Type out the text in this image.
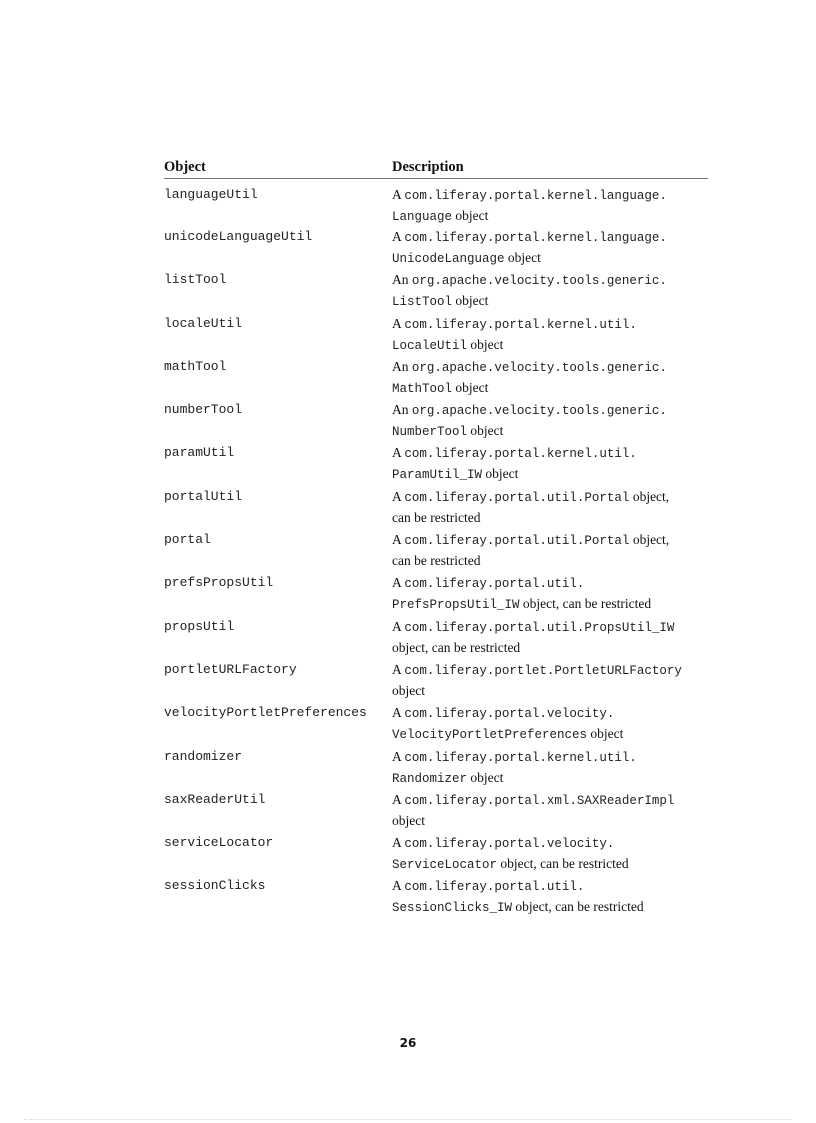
Object	Description
languageUtil	A com.liferay.portal.kernel.language.
Language object

unicodeLanguageUtil	A com.liferay.portal.kernel.language.
UnicodeLanguage object

listTool	An org.apache.velocity.tools.generic.
ListTool object

localeUtil	A com.liferay.portal.kernel.util.
LocaleUtil object

mathTool	An org.apache.velocity.tools.generic.
MathTool object

numberTool	An org.apache.velocity.tools.generic.
NumberTool object

paramUtil	A com.liferay.portal.kernel.util.
ParamUtil_IW object

portalUtil	A com.liferay.portal.util.Portal object,
can be restricted

portal	A com.liferay.portal.util.Portal object,
can be restricted

prefsPropsUtil	A com.liferay.portal.util.
PrefsPropsUtil_IW object, can be restricted

propsUtil	A com.liferay.portal.util.PropsUtil_IW
object, can be restricted

portletURLFactory	A com.liferay.portlet.PortletURLFactory
object

velocityPortletPreferences	A com.liferay.portal.velocity.
VelocityPortletPreferences object

randomizer	A com.liferay.portal.kernel.util.
Randomizer object

saxReaderUtil	A com.liferay.portal.xml.SAXReaderImpl
object

serviceLocator	A com.liferay.portal.velocity.
ServiceLocator object, can be restricted

sessionClicks	A com.liferay.portal.util.
SessionClicks_IW object, can be restricted
26
